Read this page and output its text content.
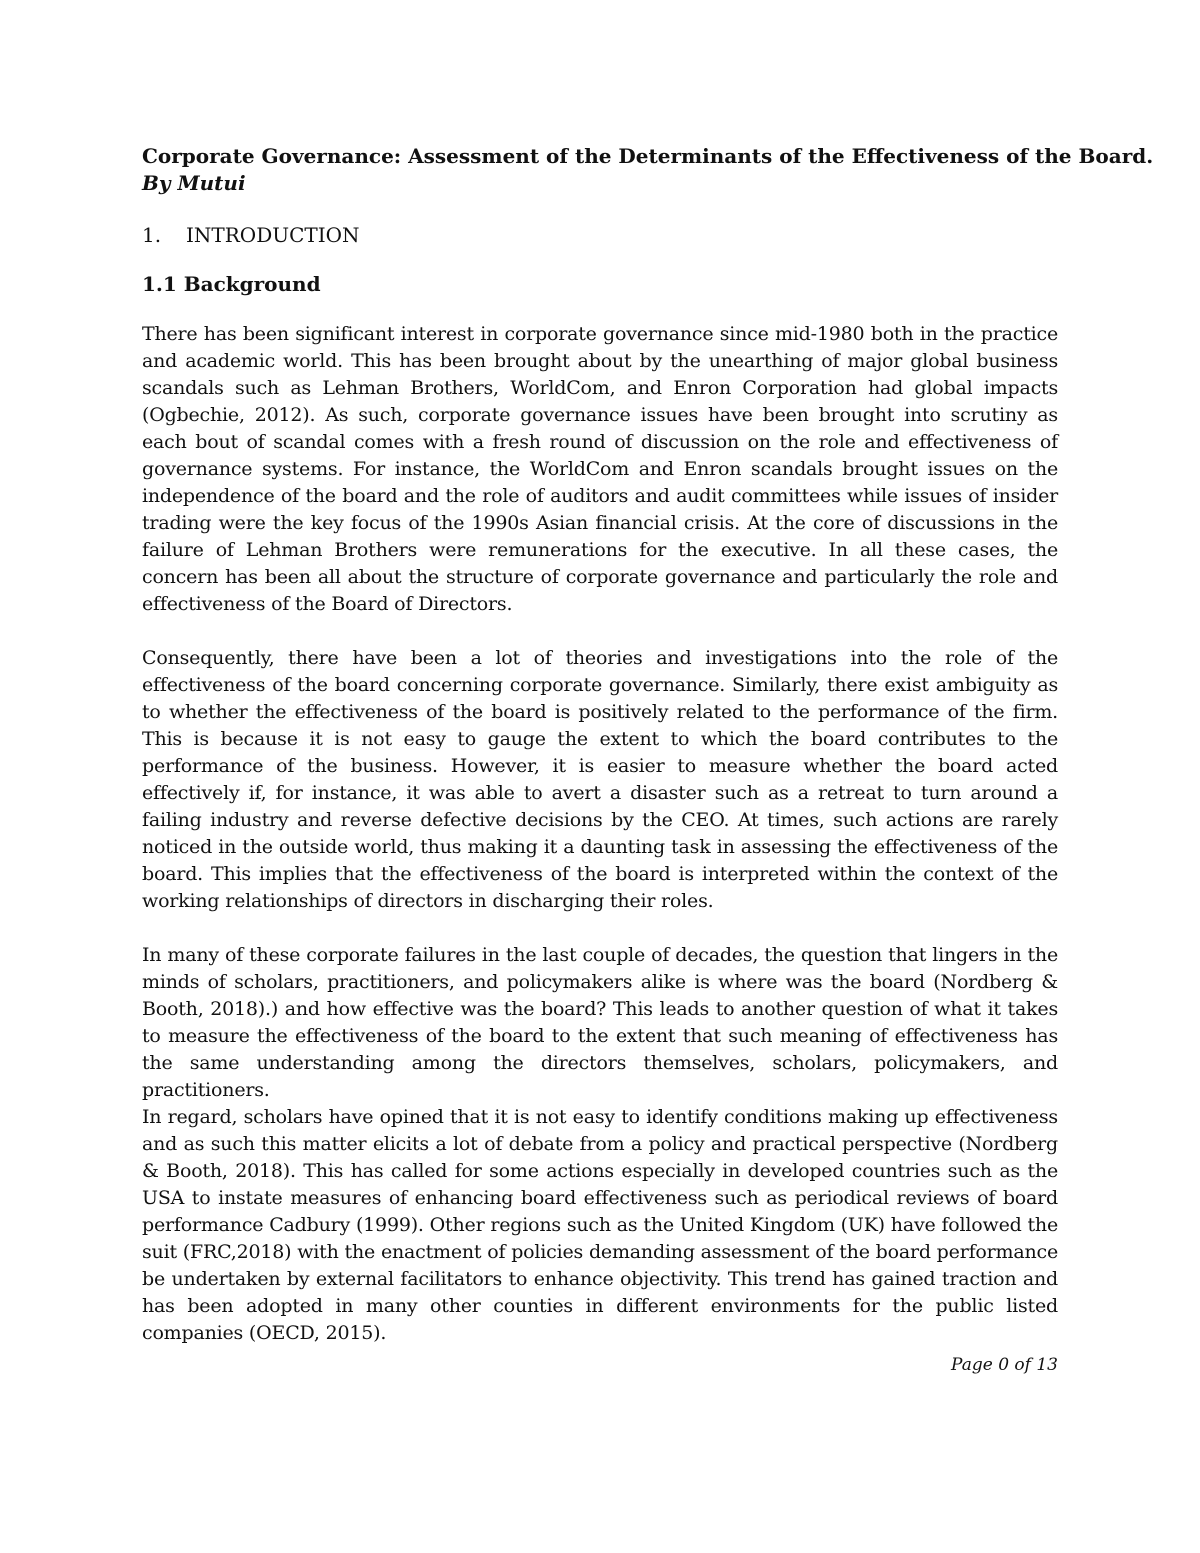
Corporate Governance: Assessment of the Determinants of the Effectiveness of the Board.

By Mutui

1.	INTRODUCTION

1.1 Background

There has been significant interest in corporate governance since mid-1980 both in the practice and academic world. This has been brought about by the unearthing of major global business scandals such as Lehman Brothers, WorldCom, and Enron Corporation had global impacts (Ogbechie, 2012). As such, corporate governance issues have been brought into scrutiny as each bout of scandal comes with a fresh round of discussion on the role and effectiveness of governance systems. For instance, the WorldCom and Enron scandals brought issues on the independence of the board and the role of auditors and audit committees while issues of insider trading were the key focus of the 1990s Asian financial crisis. At the core of discussions in the failure of Lehman Brothers were remunerations for the executive. In all these cases, the concern has been all about the structure of corporate governance and particularly the role and effectiveness of the Board of Directors.

Consequently, there have been a lot of theories and investigations into the role of the effectiveness of the board concerning corporate governance. Similarly, there exist ambiguity as to whether the effectiveness of the board is positively related to the performance of the firm. This is because it is not easy to gauge the extent to which the board contributes to the performance of the business. However, it is easier to measure whether the board acted effectively if, for instance, it was able to avert a disaster such as a retreat to turn around a failing industry and reverse defective decisions by the CEO. At times, such actions are rarely noticed in the outside world, thus making it a daunting task in assessing the effectiveness of the board. This implies that the effectiveness of the board is interpreted within the context of the working relationships of directors in discharging their roles.

In many of these corporate failures in the last couple of decades, the question that lingers in the minds of scholars, practitioners, and policymakers alike is where was the board (Nordberg & Booth, 2018).) and how effective was the board? This leads to another question of what it takes to measure the effectiveness of the board to the extent that such meaning of effectiveness has the same understanding among the directors themselves, scholars, policymakers, and practitioners.

In regard, scholars have opined that it is not easy to identify conditions making up effectiveness and as such this matter elicits a lot of debate from a policy and practical perspective (Nordberg & Booth, 2018). This has called for some actions especially in developed countries such as the USA to instate measures of enhancing board effectiveness such as periodical reviews of board performance Cadbury (1999). Other regions such as the United Kingdom (UK) have followed the suit (FRC,2018) with the enactment of policies demanding assessment of the board performance be undertaken by external facilitators to enhance objectivity. This trend has gained traction and has been adopted in many other counties in different environments for the public listed companies (OECD, 2015).

Page 0 of 13
